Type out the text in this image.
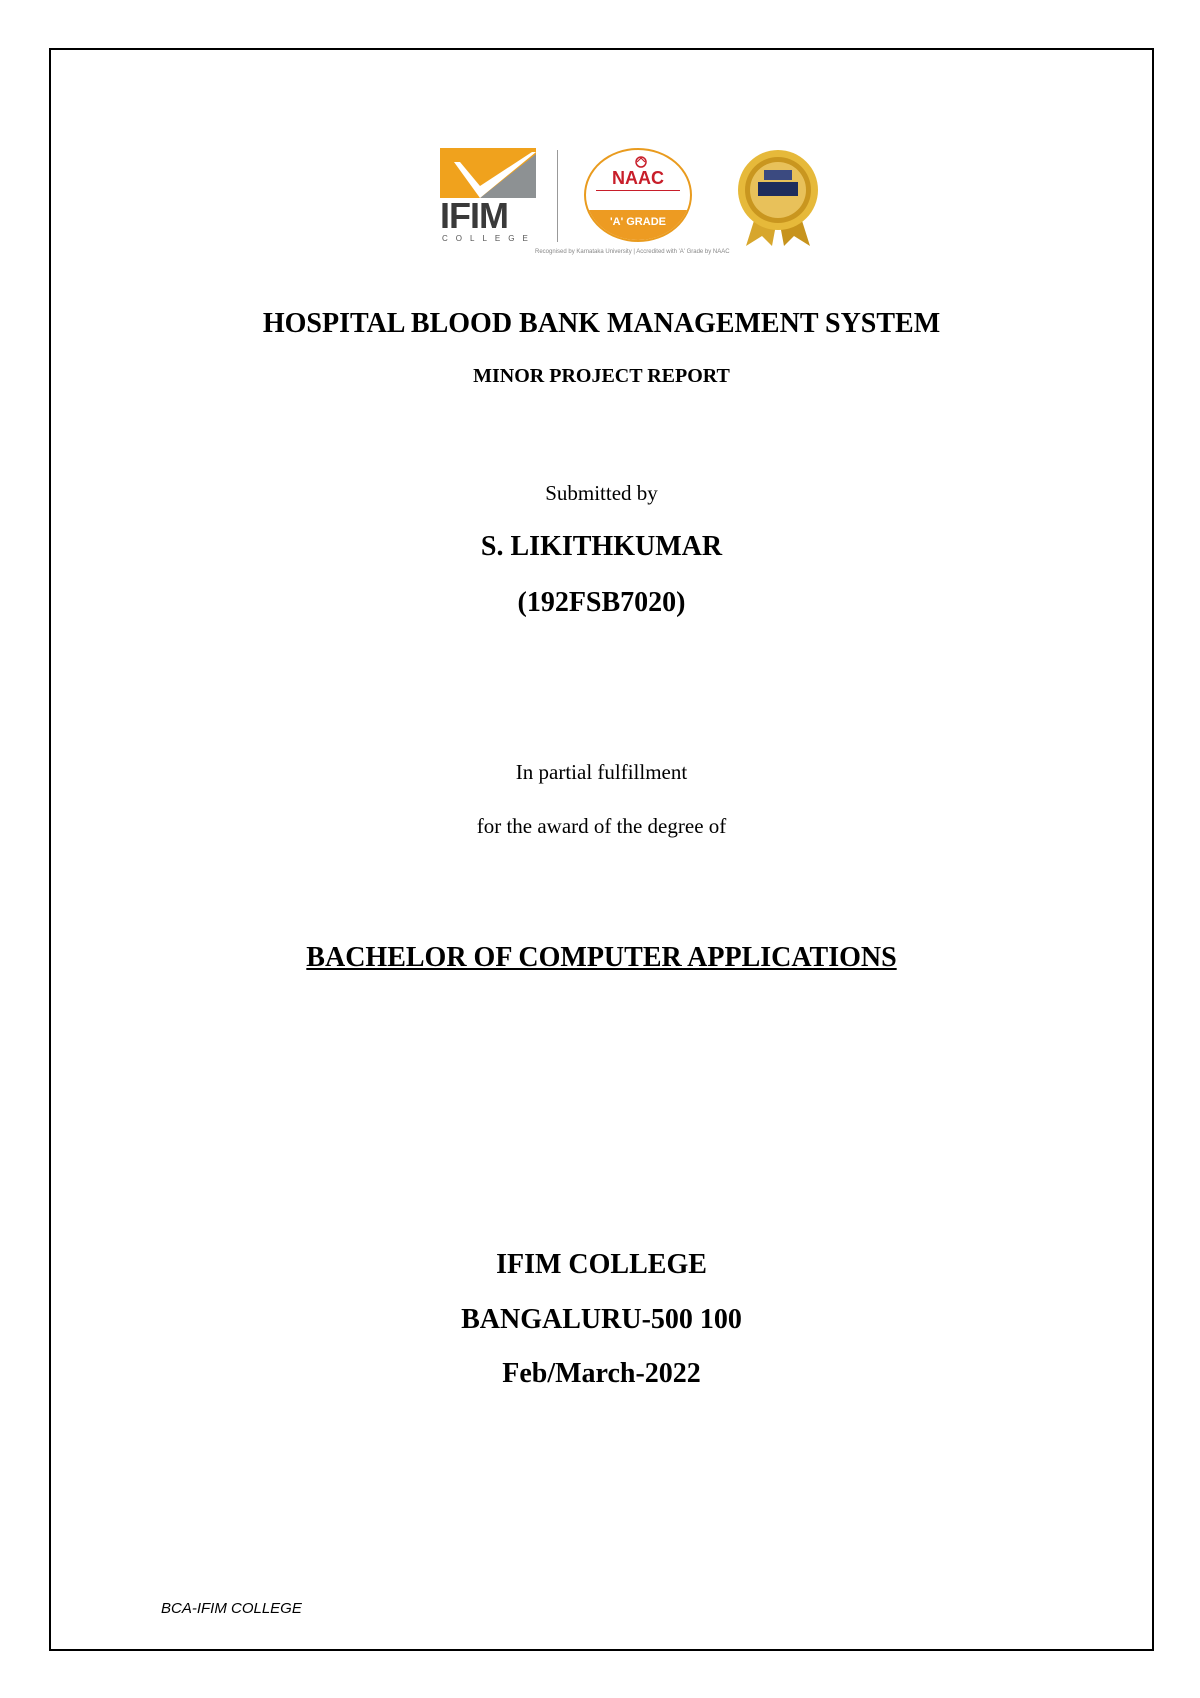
IFIM
COLLEGE
NAAC
'A' GRADE
Recognised by Karnataka University | Accredited with 'A' Grade by NAAC
HOSPITAL BLOOD BANK MANAGEMENT SYSTEM
MINOR PROJECT REPORT
Submitted by
S. LIKITHKUMAR
(192FSB7020)
In partial fulfillment
for the award of the degree of
BACHELOR OF COMPUTER APPLICATIONS
IFIM COLLEGE
BANGALURU-500 100
Feb/March-2022
BCA-IFIM COLLEGE
